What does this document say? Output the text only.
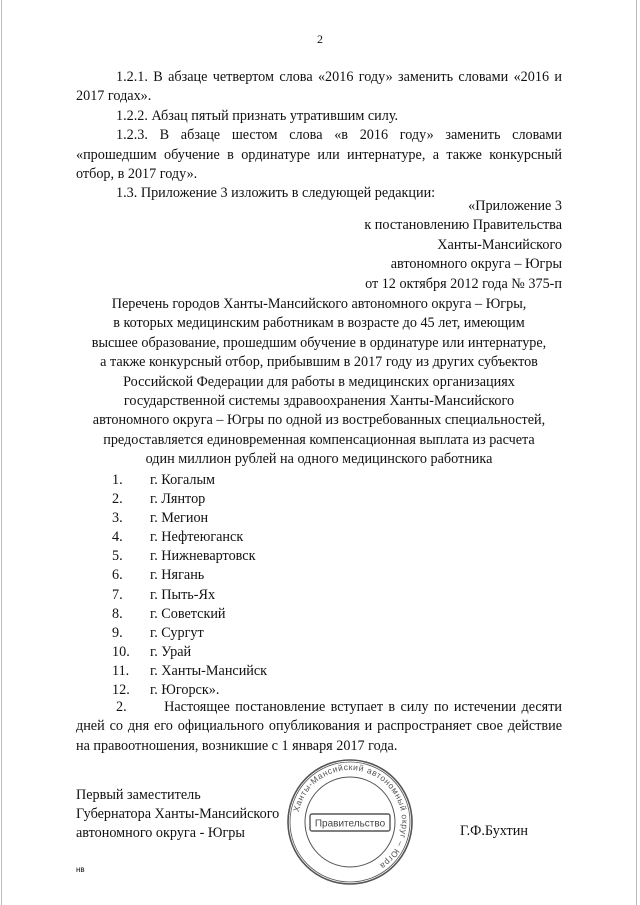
2

1.2.1. В абзаце четвертом слова «2016 году» заменить словами «2016 и 2017 годах».

1.2.2. Абзац пятый признать утратившим силу.

1.2.3. В абзаце шестом слова «в 2016 году» заменить словами «прошедшим обучение в ординатуре или интернатуре, а также конкурсный отбор, в 2017 году».

1.3. Приложение 3 изложить в следующей редакции:

«Приложение 3
к постановлению Правительства
Ханты-Мансийского
автономного округа – Югры
от 12 октября 2012 года № 375-п
Перечень городов Ханты-Мансийского автономного округа – Югры,
в которых медицинским работникам в возрасте до 45 лет, имеющим
высшее образование, прошедшим обучение в ординатуре или интернатуре,
а также конкурсный отбор, прибывшим в 2017 году из других субъектов
Российской Федерации для работы в медицинских организациях
государственной системы здравоохранения Ханты-Мансийского
автономного округа – Югры по одной из востребованных специальностей,
предоставляется единовременная компенсационная выплата из расчета
один миллион рублей на одного медицинского работника
1.	г. Когалым
2.	г. Лянтор
3.	г. Мегион
4.	г. Нефтеюганск
5.	г. Нижневартовск
6.	г. Нягань
7.	г. Пыть-Ях
8.	г. Советский
9.	г. Сургут
10.	г. Урай
11.	г. Ханты-Мансийск
12.	г. Югорск».

2.       Настоящее постановление вступает в силу по истечении десяти дней со дня его официального опубликования и распространяет свое действие на правоотношения, возникшие с 1 января 2017 года.

Первый заместитель
Губернатора Ханты-Мансийского
автономного округа - Югры
Ханты-Мансийский автономный округ – Югра
Правительство	Г.Ф.Бухтин
нв
